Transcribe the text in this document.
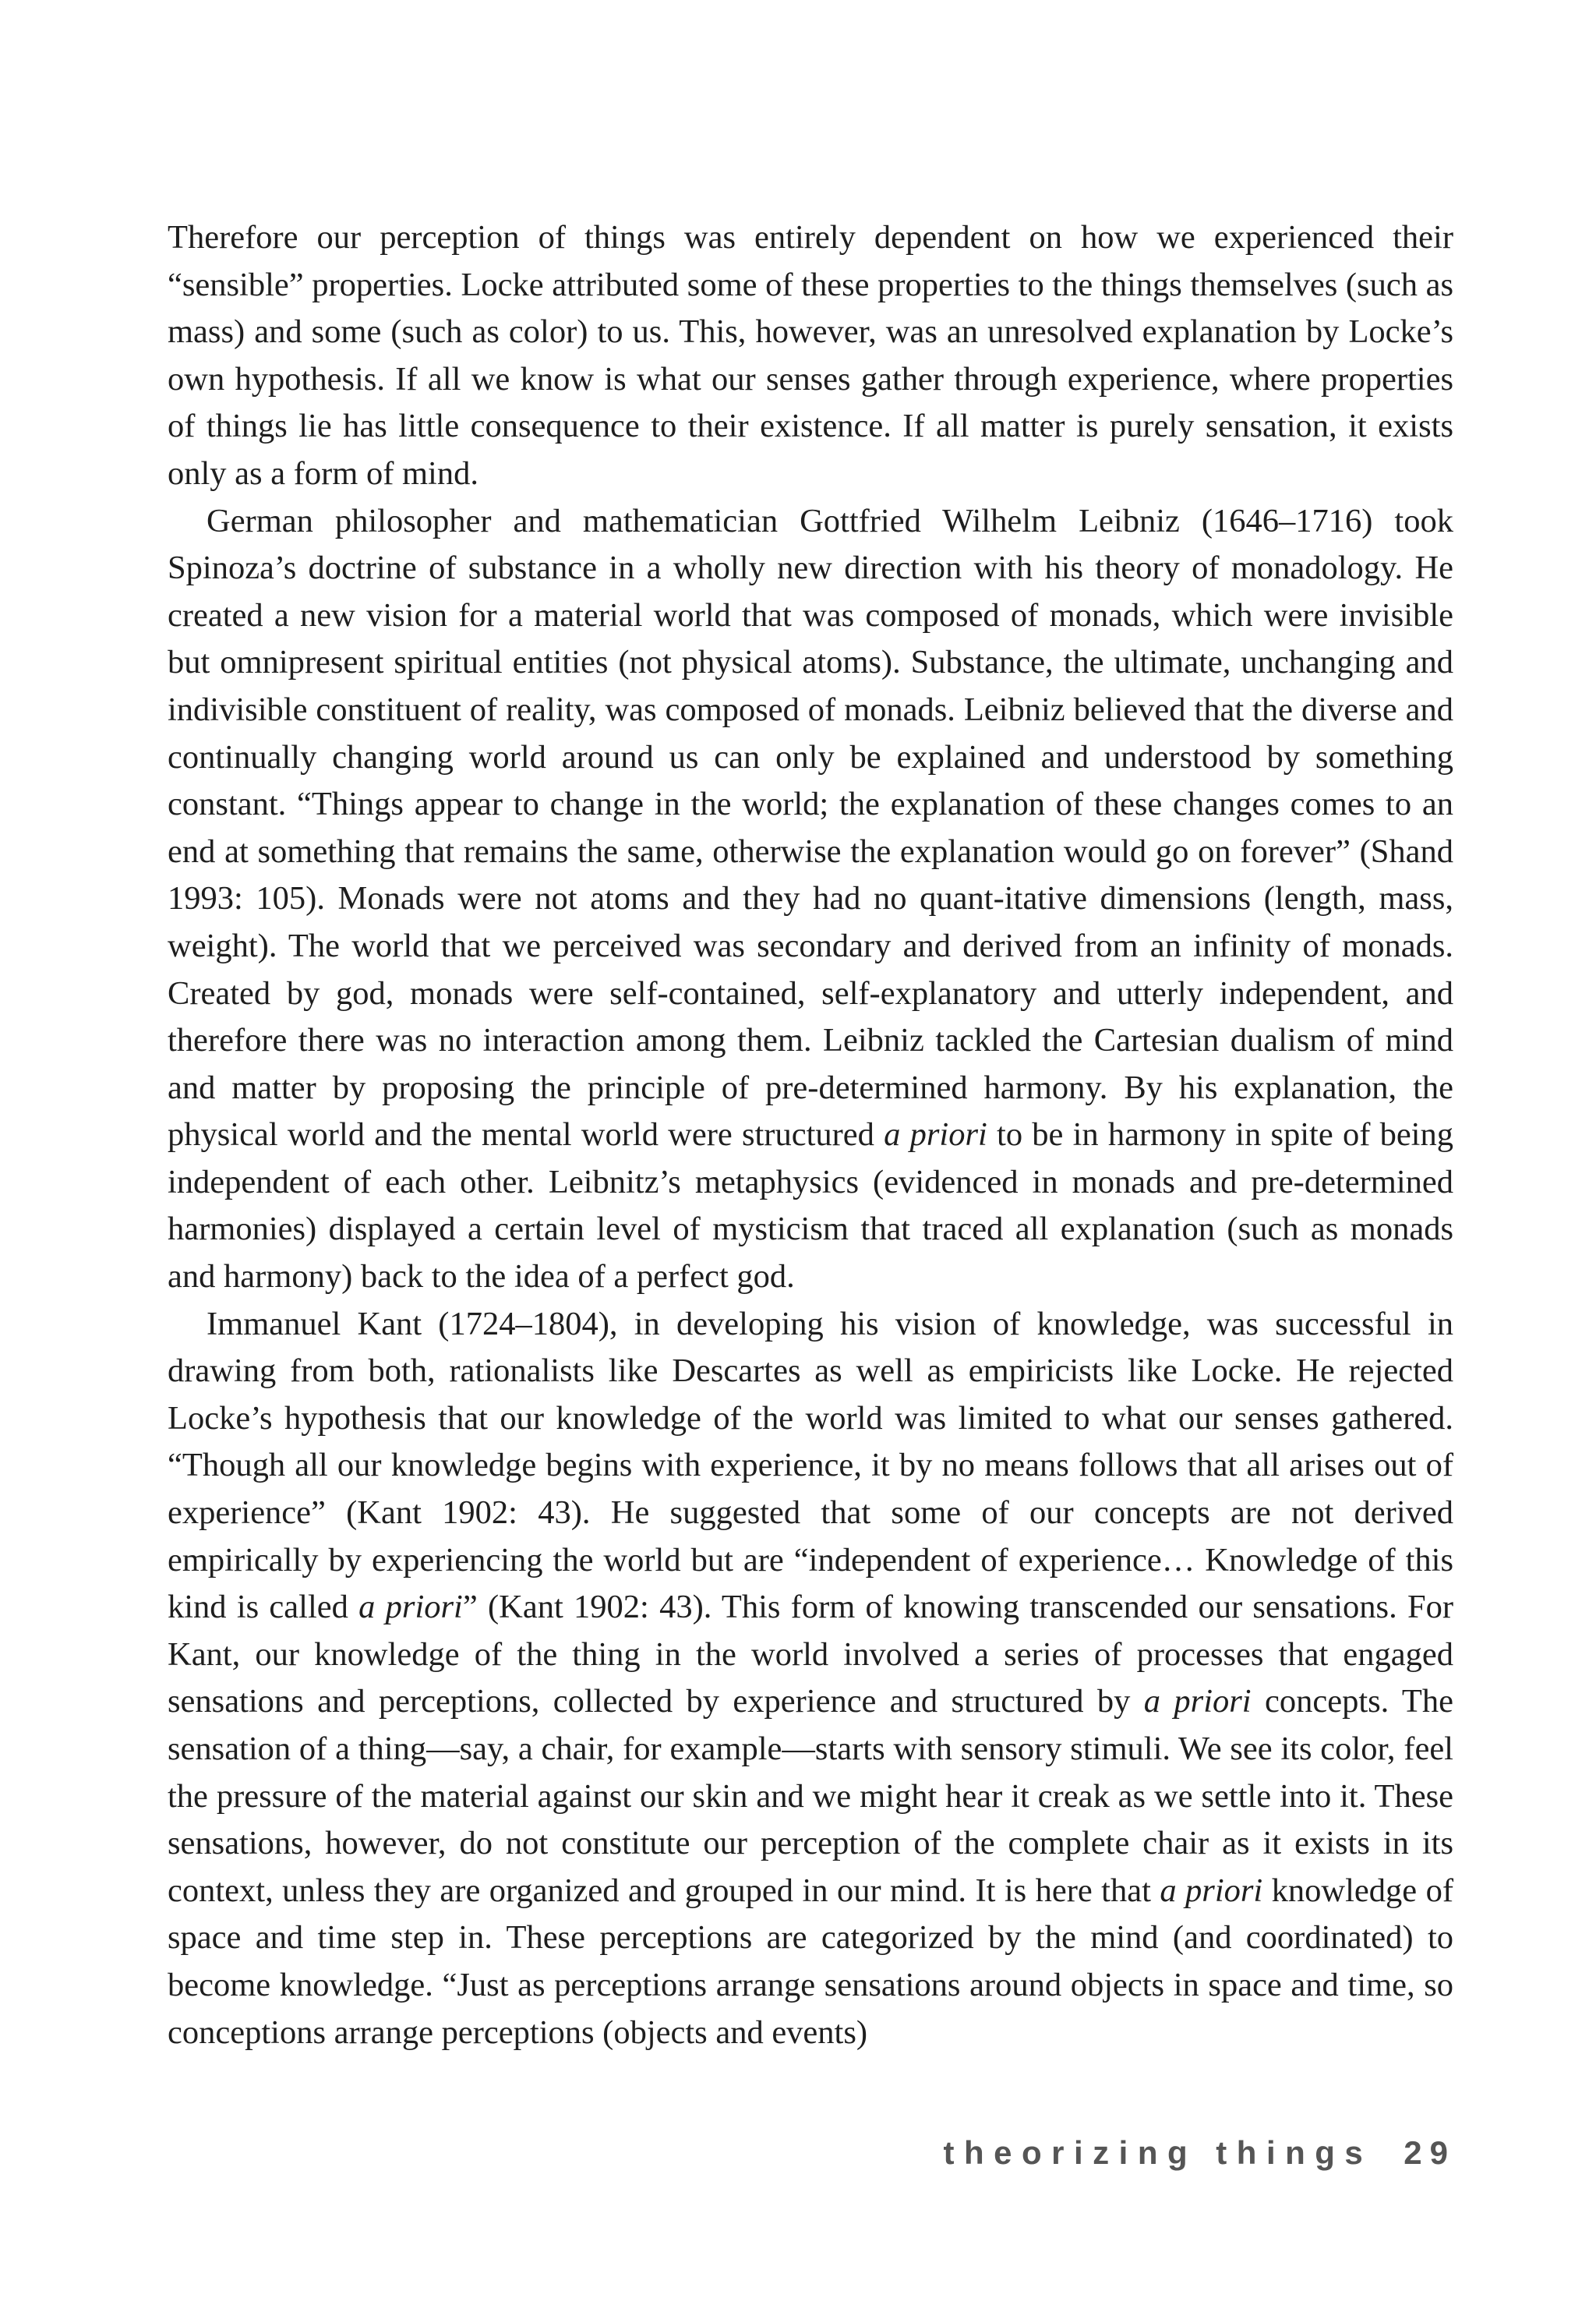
Therefore our perception of things was entirely dependent on how we experienced their “sensible” properties. Locke attributed some of these properties to the things themselves (such as mass) and some (such as color) to us. This, however, was an unresolved explanation by Locke’s own hypothesis. If all we know is what our senses gather through experience, where properties of things lie has little consequence to their existence. If all matter is purely sensation, it exists only as a form of mind.

German philosopher and mathematician Gottfried Wilhelm Leibniz (1646–1716) took Spinoza’s doctrine of substance in a wholly new direction with his theory of monadology. He created a new vision for a material world that was composed of monads, which were invisible but omnipresent spiritual entities (not physical atoms). Substance, the ultimate, unchanging and indivisible constituent of reality, was composed of monads. Leibniz believed that the diverse and continually changing world around us can only be explained and understood by something constant. “Things appear to change in the world; the explanation of these changes comes to an end at something that remains the same, otherwise the explanation would go on forever” (Shand 1993: 105). Monads were not atoms and they had no quant-itative dimensions (length, mass, weight). The world that we perceived was secondary and derived from an infinity of monads. Created by god, monads were self-contained, self-explanatory and utterly independent, and therefore there was no interaction among them. Leibniz tackled the Cartesian dualism of mind and matter by proposing the principle of pre-determined harmony. By his explanation, the physical world and the mental world were structured a priori to be in harmony in spite of being independent of each other. Leibnitz’s metaphysics (evidenced in monads and pre-determined harmonies) displayed a certain level of mysticism that traced all explanation (such as monads and harmony) back to the idea of a perfect god.

Immanuel Kant (1724–1804), in developing his vision of knowledge, was successful in drawing from both, rationalists like Descartes as well as empiricists like Locke. He rejected Locke’s hypothesis that our knowledge of the world was limited to what our senses gathered. “Though all our knowledge begins with experience, it by no means follows that all arises out of experience” (Kant 1902: 43). He suggested that some of our concepts are not derived empirically by experiencing the world but are “independent of experience… Knowledge of this kind is called a priori” (Kant 1902: 43). This form of knowing transcended our sensations. For Kant, our knowledge of the thing in the world involved a series of processes that engaged sensations and perceptions, collected by experience and structured by a priori concepts. The sensation of a thing—say, a chair, for example—starts with sensory stimuli. We see its color, feel the pressure of the material against our skin and we might hear it creak as we settle into it. These sensations, however, do not constitute our perception of the complete chair as it exists in its context, unless they are organized and grouped in our mind. It is here that a priori knowledge of space and time step in. These perceptions are categorized by the mind (and coordinated) to become knowledge. “Just as perceptions arrange sensations around objects in space and time, so conceptions arrange perceptions (objects and events)

theorizing things 29
